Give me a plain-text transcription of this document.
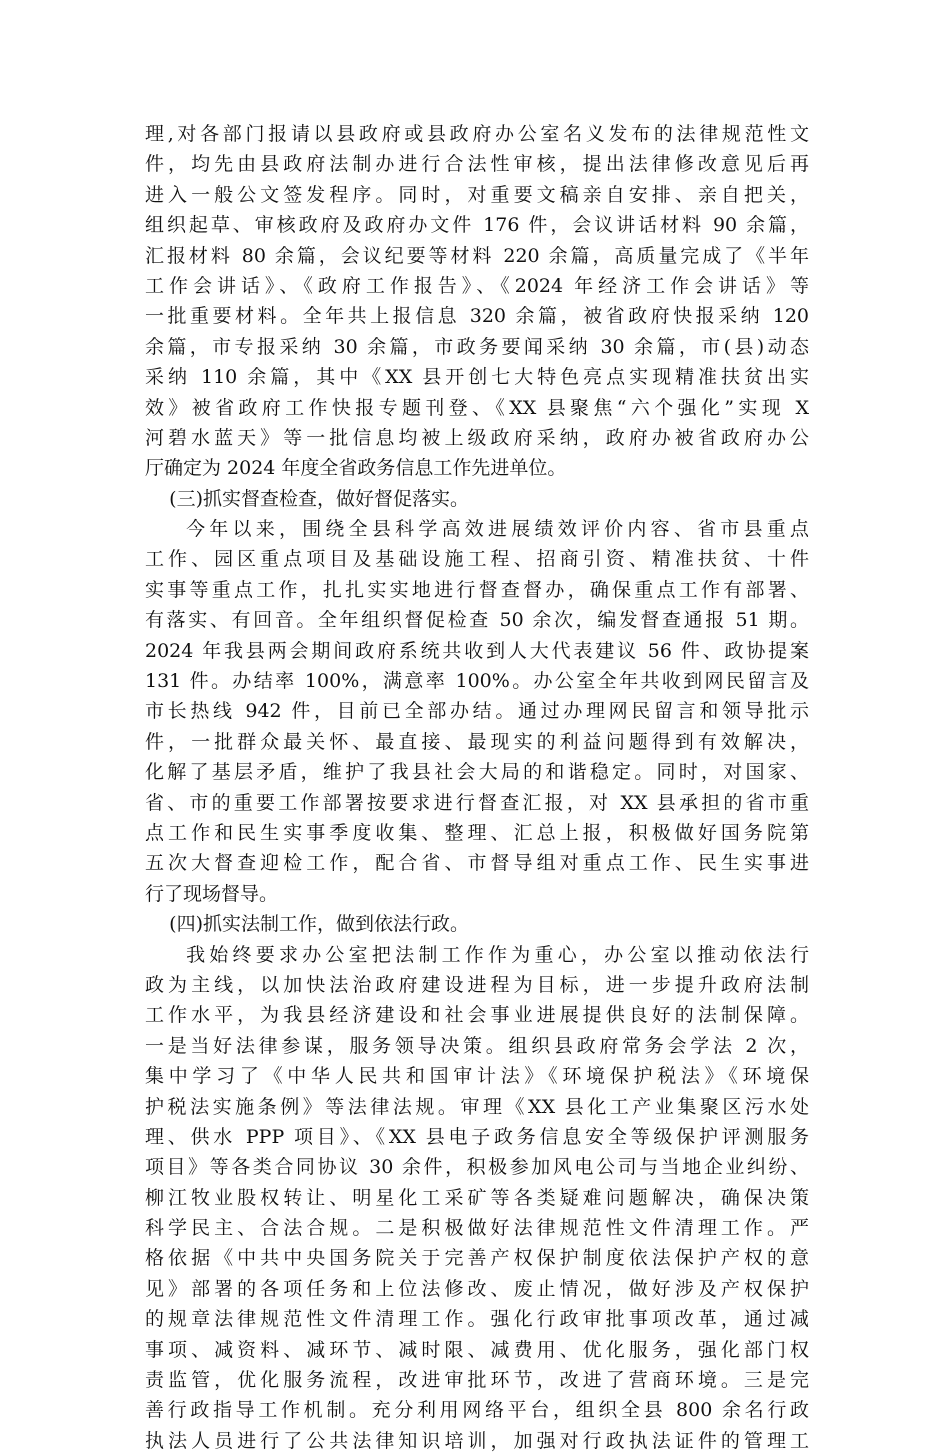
理,对各部门报请以县政府或县政府办公室名义发布的法律规范性文
件，均先由县政府法制办进行合法性审核，提出法律修改意见后再
进入一般公文签发程序。同时，对重要文稿亲自安排、亲自把关，
组织起草、审核政府及政府办文件 176 件，会议讲话材料 90 余篇，
汇报材料 80 余篇，会议纪要等材料 220 余篇，高质量完成了《半年
工作会讲话》、《政府工作报告》、《2024 年经济工作会讲话》等
一批重要材料。全年共上报信息 320 余篇，被省政府快报采纳 120
余篇，市专报采纳 30 余篇，市政务要闻采纳 30 余篇，市(县)动态
采纳 110 余篇，其中《XX 县开创七大特色亮点实现精准扶贫出实
效》被省政府工作快报专题刊登、《XX 县聚焦“六个强化”实现 X
河碧水蓝天》等一批信息均被上级政府采纳，政府办被省政府办公
厅确定为 2024 年度全省政务信息工作先进单位。
(三)抓实督查检查，做好督促落实。
今年以来，围绕全县科学高效进展绩效评价内容、省市县重点
工作、园区重点项目及基础设施工程、招商引资、精准扶贫、十件
实事等重点工作，扎扎实实地进行督查督办，确保重点工作有部署、
有落实、有回音。全年组织督促检查 50 余次，编发督查通报 51 期。
2024 年我县两会期间政府系统共收到人大代表建议 56 件、政协提案
131 件。办结率 100%，满意率 100%。办公室全年共收到网民留言及
市长热线 942 件，目前已全部办结。通过办理网民留言和领导批示
件，一批群众最关怀、最直接、最现实的利益问题得到有效解决，
化解了基层矛盾，维护了我县社会大局的和谐稳定。同时，对国家、
省、市的重要工作部署按要求进行督查汇报，对 XX 县承担的省市重
点工作和民生实事季度收集、整理、汇总上报，积极做好国务院第
五次大督查迎检工作，配合省、市督导组对重点工作、民生实事进
行了现场督导。
(四)抓实法制工作，做到依法行政。
我始终要求办公室把法制工作作为重心，办公室以推动依法行
政为主线，以加快法治政府建设进程为目标，进一步提升政府法制
工作水平，为我县经济建设和社会事业进展提供良好的法制保障。
一是当好法律参谋，服务领导决策。组织县政府常务会学法 2 次，
集中学习了《中华人民共和国审计法》《环境保护税法》《环境保
护税法实施条例》等法律法规。审理《XX 县化工产业集聚区污水处
理、供水 PPP 项目》、《XX 县电子政务信息安全等级保护评测服务
项目》等各类合同协议 30 余件，积极参加风电公司与当地企业纠纷、
柳江牧业股权转让、明星化工采矿等各类疑难问题解决，确保决策
科学民主、合法合规。二是积极做好法律规范性文件清理工作。严
格依据《中共中央国务院关于完善产权保护制度依法保护产权的意
见》部署的各项任务和上位法修改、废止情况，做好涉及产权保护
的规章法律规范性文件清理工作。强化行政审批事项改革，通过减
事项、减资料、减环节、减时限、减费用、优化服务，强化部门权
责监管，优化服务流程，改进审批环节，改进了营商环境。三是完
善行政指导工作机制。充分利用网络平台，组织全县 800 余名行政
执法人员进行了公共法律知识培训，加强对行政执法证件的管理工
